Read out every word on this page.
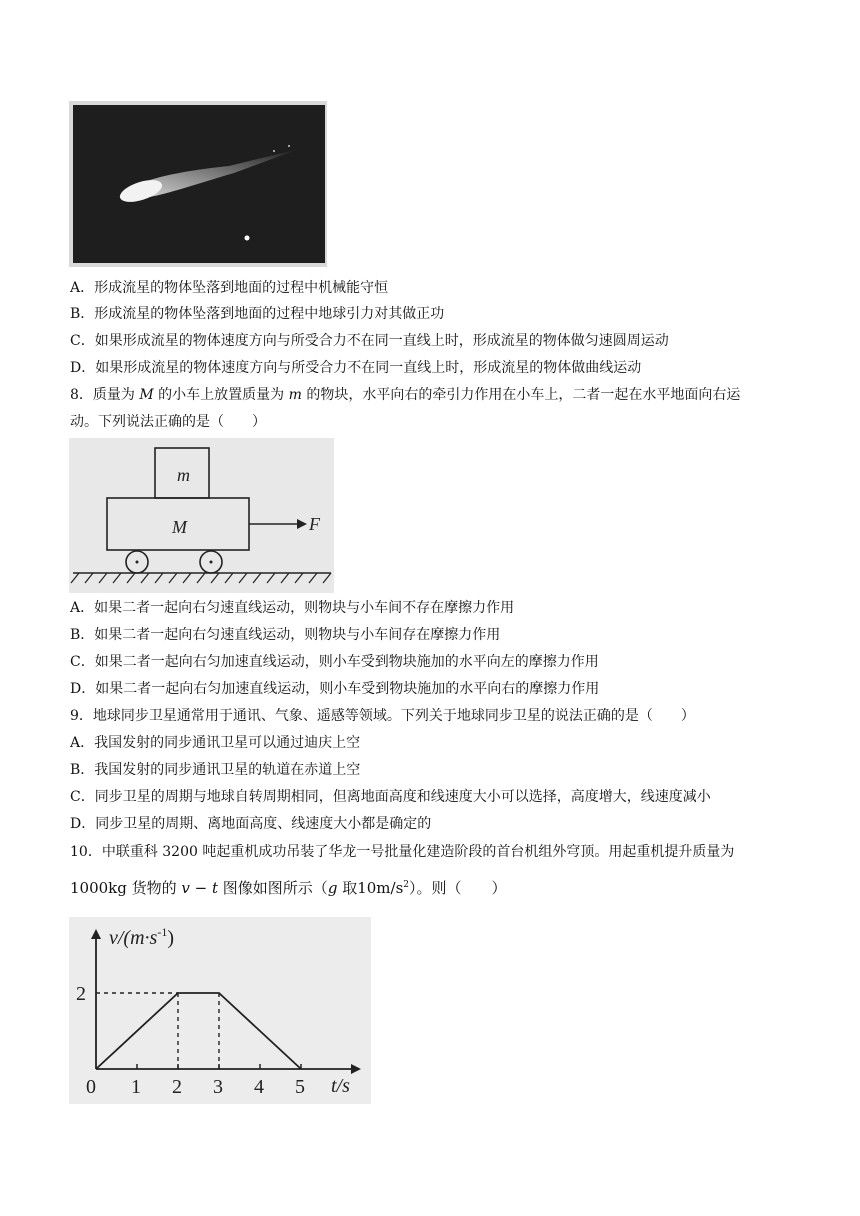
A．形成流星的物体坠落到地面的过程中机械能守恒
B．形成流星的物体坠落到地面的过程中地球引力对其做正功
C．如果形成流星的物体速度方向与所受合力不在同一直线上时，形成流星的物体做匀速圆周运动
D．如果形成流星的物体速度方向与所受合力不在同一直线上时，形成流星的物体做曲线运动
8．质量为 M 的小车上放置质量为 m 的物块，水平向右的牵引力作用在小车上，二者一起在水平地面向右运
动。下列说法正确的是（　　）
m
M	F
A．如果二者一起向右匀速直线运动，则物块与小车间不存在摩擦力作用
B．如果二者一起向右匀速直线运动，则物块与小车间存在摩擦力作用
C．如果二者一起向右匀加速直线运动，则小车受到物块施加的水平向左的摩擦力作用
D．如果二者一起向右匀加速直线运动，则小车受到物块施加的水平向右的摩擦力作用
9．地球同步卫星通常用于通讯、气象、遥感等领域。下列关于地球同步卫星的说法正确的是（　　）
A．我国发射的同步通讯卫星可以通过迪庆上空
B．我国发射的同步通讯卫星的轨道在赤道上空
C．同步卫星的周期与地球自转周期相同，但离地面高度和线速度大小可以选择，高度增大，线速度减小
D．同步卫星的周期、离地面高度、线速度大小都是确定的
10．中联重科 3200 吨起重机成功吊装了华龙一号批量化建造阶段的首台机组外穹顶。用起重机提升质量为
1000kg 货物的 v − t 图像如图所示（g 取$10m/s^2$）。则（　　）
$v/(m\cdot s^{-1})$
t/s
0 1 2 3 4 5
2
